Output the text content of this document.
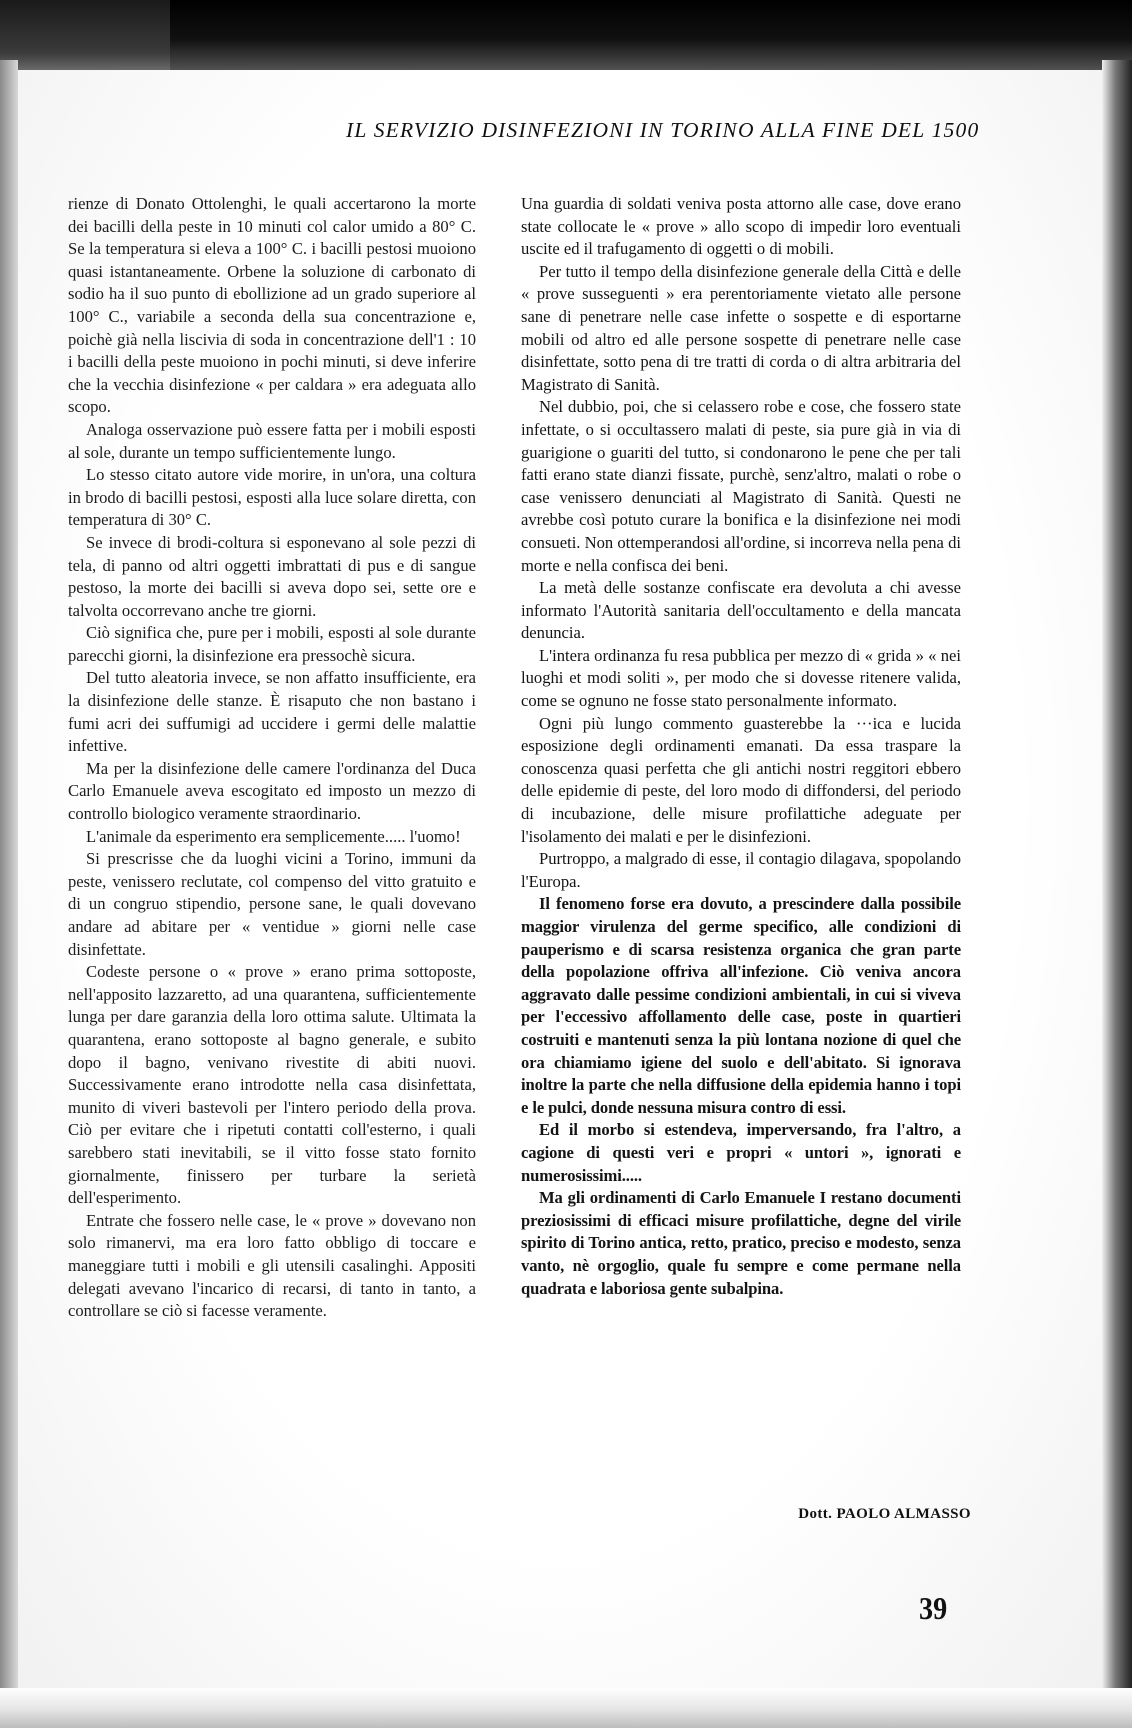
IL SERVIZIO DISINFEZIONI IN TORINO ALLA FINE DEL 1500

rienze di Donato Ottolenghi, le quali accertarono la morte dei bacilli della peste in 10 minuti col calor umido a 80° C. Se la temperatura si eleva a 100° C. i bacilli pestosi muoiono quasi istantaneamente. Orbene la soluzione di carbonato di sodio ha il suo punto di ebollizione ad un grado superiore al 100° C., variabile a seconda della sua concentrazione e, poichè già nella liscivia di soda in concentrazione dell'1 : 10 i bacilli della peste muoiono in pochi minuti, si deve inferire che la vecchia disinfezione « per caldara » era adeguata allo scopo.

Analoga osservazione può essere fatta per i mobili esposti al sole, durante un tempo sufficientemente lungo.

Lo stesso citato autore vide morire, in un'ora, una coltura in brodo di bacilli pestosi, esposti alla luce solare diretta, con temperatura di 30° C.

Se invece di brodi-coltura si esponevano al sole pezzi di tela, di panno od altri oggetti imbrattati di pus e di sangue pestoso, la morte dei bacilli si aveva dopo sei, sette ore e talvolta occorrevano anche tre giorni.

Ciò significa che, pure per i mobili, esposti al sole durante parecchi giorni, la disinfezione era pressochè sicura.

Del tutto aleatoria invece, se non affatto insufficiente, era la disinfezione delle stanze. È risaputo che non bastano i fumi acri dei suffumigi ad uccidere i germi delle malattie infettive.

Ma per la disinfezione delle camere l'ordinanza del Duca Carlo Emanuele aveva escogitato ed imposto un mezzo di controllo biologico veramente straordinario.

L'animale da esperimento era semplicemente..... l'uomo!

Si prescrisse che da luoghi vicini a Torino, immuni da peste, venissero reclutate, col compenso del vitto gratuito e di un congruo stipendio, persone sane, le quali dovevano andare ad abitare per « ventidue » giorni nelle case disinfettate.

Codeste persone o « prove » erano prima sottoposte, nell'apposito lazzaretto, ad una quarantena, sufficientemente lunga per dare garanzia della loro ottima salute. Ultimata la quarantena, erano sottoposte al bagno generale, e subito dopo il bagno, venivano rivestite di abiti nuovi. Successivamente erano introdotte nella casa disinfettata, munito di viveri bastevoli per l'intero periodo della prova. Ciò per evitare che i ripetuti contatti coll'esterno, i quali sarebbero stati inevitabili, se il vitto fosse stato fornito giornalmente, finissero per turbare la serietà dell'esperimento.

Entrate che fossero nelle case, le « prove » dovevano non solo rimanervi, ma era loro fatto obbligo di toccare e maneggiare tutti i mobili e gli utensili casalinghi. Appositi delegati avevano l'incarico di recarsi, di tanto in tanto, a controllare se ciò si facesse veramente.

Una guardia di soldati veniva posta attorno alle case, dove erano state collocate le « prove » allo scopo di impedir loro eventuali uscite ed il trafugamento di oggetti o di mobili.

Per tutto il tempo della disinfezione generale della Città e delle « prove susseguenti » era perentoriamente vietato alle persone sane di penetrare nelle case infette o sospette e di esportarne mobili od altro ed alle persone sospette di penetrare nelle case disinfettate, sotto pena di tre tratti di corda o di altra arbitraria del Magistrato di Sanità.

Nel dubbio, poi, che si celassero robe e cose, che fossero state infettate, o si occultassero malati di peste, sia pure già in via di guarigione o guariti del tutto, si condonarono le pene che per tali fatti erano state dianzi fissate, purchè, senz'altro, malati o robe o case venissero denunciati al Magistrato di Sanità. Questi ne avrebbe così potuto curare la bonifica e la disinfezione nei modi consueti. Non ottemperandosi all'ordine, si incorreva nella pena di morte e nella confisca dei beni.

La metà delle sostanze confiscate era devoluta a chi avesse informato l'Autorità sanitaria dell'occultamento e della mancata denuncia.

L'intera ordinanza fu resa pubblica per mezzo di « grida » « nei luoghi et modi soliti », per modo che si dovesse ritenere valida, come se ognuno ne fosse stato personalmente informato.

Ogni più lungo commento guasterebbe la ···ica e lucida esposizione degli ordinamenti emanati. Da essa traspare la conoscenza quasi perfetta che gli antichi nostri reggitori ebbero delle epidemie di peste, del loro modo di diffondersi, del periodo di incubazione, delle misure profilattiche adeguate per l'isolamento dei malati e per le disinfezioni.

Purtroppo, a malgrado di esse, il contagio dilagava, spopolando l'Europa.

Il fenomeno forse era dovuto, a prescindere dalla possibile maggior virulenza del germe specifico, alle condizioni di pauperismo e di scarsa resistenza organica che gran parte della popolazione offriva all'infezione. Ciò veniva ancora aggravato dalle pessime condizioni ambientali, in cui si viveva per l'eccessivo affollamento delle case, poste in quartieri costruiti e mantenuti senza la più lontana nozione di quel che ora chiamiamo igiene del suolo e dell'abitato. Si ignorava inoltre la parte che nella diffusione della epidemia hanno i topi e le pulci, donde nessuna misura contro di essi.

Ed il morbo si estendeva, imperversando, fra l'altro, a cagione di questi veri e propri « untori », ignorati e numerosissimi.....

Ma gli ordinamenti di Carlo Emanuele I restano documenti preziosissimi di efficaci misure profilattiche, degne del virile spirito di Torino antica, retto, pratico, preciso e modesto, senza vanto, nè orgoglio, quale fu sempre e come permane nella quadrata e laboriosa gente subalpina.

Dott. PAOLO ALMASSO
39
